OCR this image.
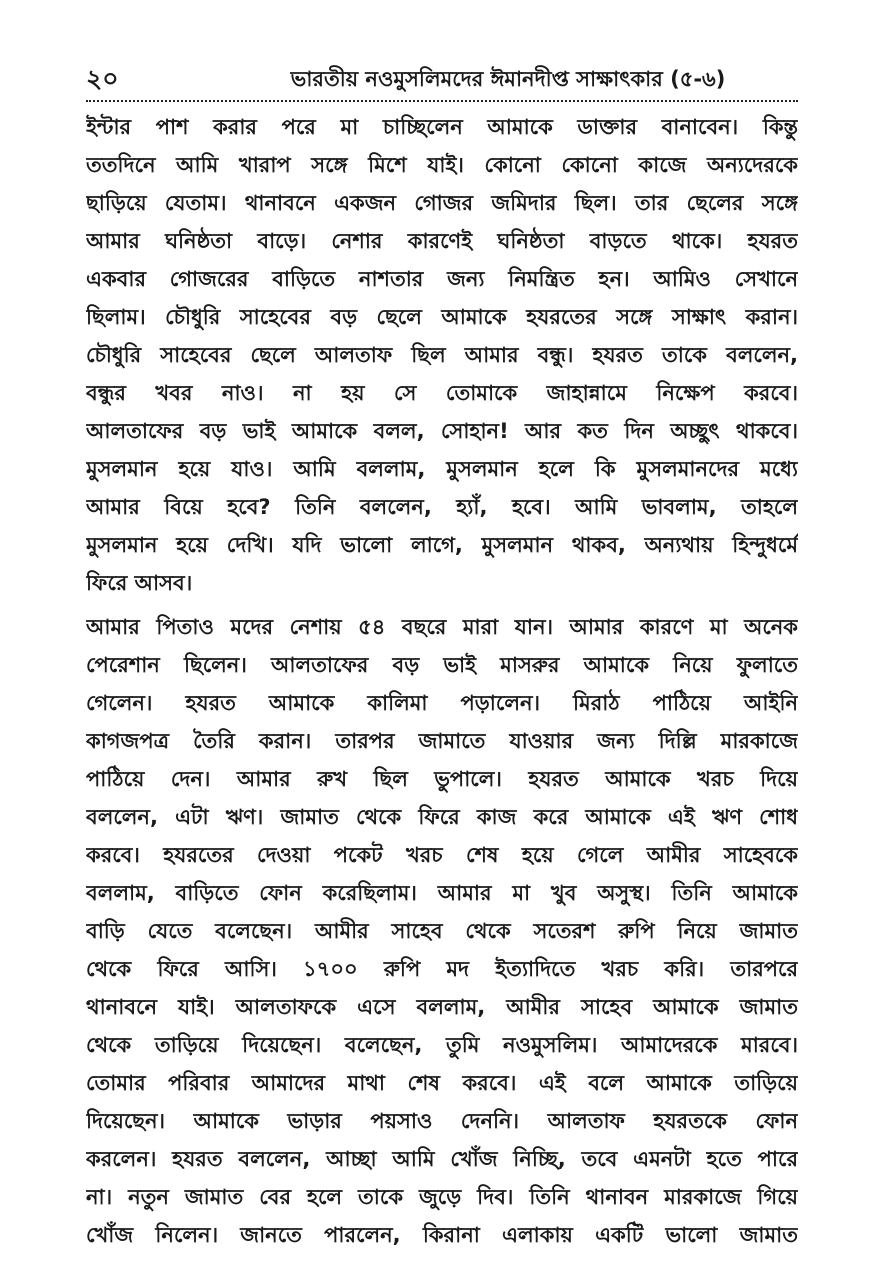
২০	ভারতীয় নওমুসলিমদের ঈমানদীপ্ত সাক্ষাৎকার (৫-৬)
ইন্টার পাশ করার পরে মা চাচ্ছিলেন আমাকে ডাক্তার বানাবেন। কিন্তু
ততদিনে আমি খারাপ সঙ্গে মিশে যাই। কোনো কোনো কাজে অন্যদেরকে
ছাড়িয়ে যেতাম। থানাবনে একজন গোজর জমিদার ছিল। তার ছেলের সঙ্গে
আমার ঘনিষ্ঠতা বাড়ে। নেশার কারণেই ঘনিষ্ঠতা বাড়তে থাকে। হযরত
একবার গোজরের বাড়িতে নাশতার জন্য নিমন্ত্রিত হন। আমিও সেখানে
ছিলাম। চৌধুরি সাহেবের বড় ছেলে আমাকে হযরতের সঙ্গে সাক্ষাৎ করান।
চৌধুরি সাহেবের ছেলে আলতাফ ছিল আমার বন্ধু। হযরত তাকে বললেন,
বন্ধুর খবর নাও। না হয় সে তোমাকে জাহান্নামে নিক্ষেপ করবে।
আলতাফের বড় ভাই আমাকে বলল, সোহান! আর কত দিন অচ্ছুৎ থাকবে।
মুসলমান হয়ে যাও। আমি বললাম, মুসলমান হলে কি মুসলমানদের মধ্যে
আমার বিয়ে হবে? তিনি বললেন, হ্যাঁ, হবে। আমি ভাবলাম, তাহলে
মুসলমান হয়ে দেখি। যদি ভালো লাগে, মুসলমান থাকব, অন্যথায় হিন্দুধর্মে
ফিরে আসব।
আমার পিতাও মদের নেশায় ৫৪ বছরে মারা যান। আমার কারণে মা অনেক
পেরেশান ছিলেন। আলতাফের বড় ভাই মাসরুর আমাকে নিয়ে ফুলাতে
গেলেন। হযরত আমাকে কালিমা পড়ালেন। মিরাঠ পাঠিয়ে আইনি
কাগজপত্র তৈরি করান। তারপর জামাতে যাওয়ার জন্য দিল্লি মারকাজে
পাঠিয়ে দেন। আমার রুখ ছিল ভুপালে। হযরত আমাকে খরচ দিয়ে
বললেন, এটা ঋণ। জামাত থেকে ফিরে কাজ করে আমাকে এই ঋণ শোধ
করবে। হযরতের দেওয়া পকেট খরচ শেষ হয়ে গেলে আমীর সাহেবকে
বললাম, বাড়িতে ফোন করেছিলাম। আমার মা খুব অসুস্থ। তিনি আমাকে
বাড়ি যেতে বলেছেন। আমীর সাহেব থেকে সতেরশ রুপি নিয়ে জামাত
থেকে ফিরে আসি। ১৭০০ রুপি মদ ইত্যাদিতে খরচ করি। তারপরে
থানাবনে যাই। আলতাফকে এসে বললাম, আমীর সাহেব আমাকে জামাত
থেকে তাড়িয়ে দিয়েছেন। বলেছেন, তুমি নওমুসলিম। আমাদেরকে মারবে।
তোমার পরিবার আমাদের মাথা শেষ করবে। এই বলে আমাকে তাড়িয়ে
দিয়েছেন। আমাকে ভাড়ার পয়সাও দেননি। আলতাফ হযরতকে ফোন
করলেন। হযরত বললেন, আচ্ছা আমি খোঁজ নিচ্ছি, তবে এমনটা হতে পারে
না। নতুন জামাত বের হলে তাকে জুড়ে দিব। তিনি থানাবন মারকাজে গিয়ে
খোঁজ নিলেন। জানতে পারলেন, কিরানা এলাকায় একটি ভালো জামাত
